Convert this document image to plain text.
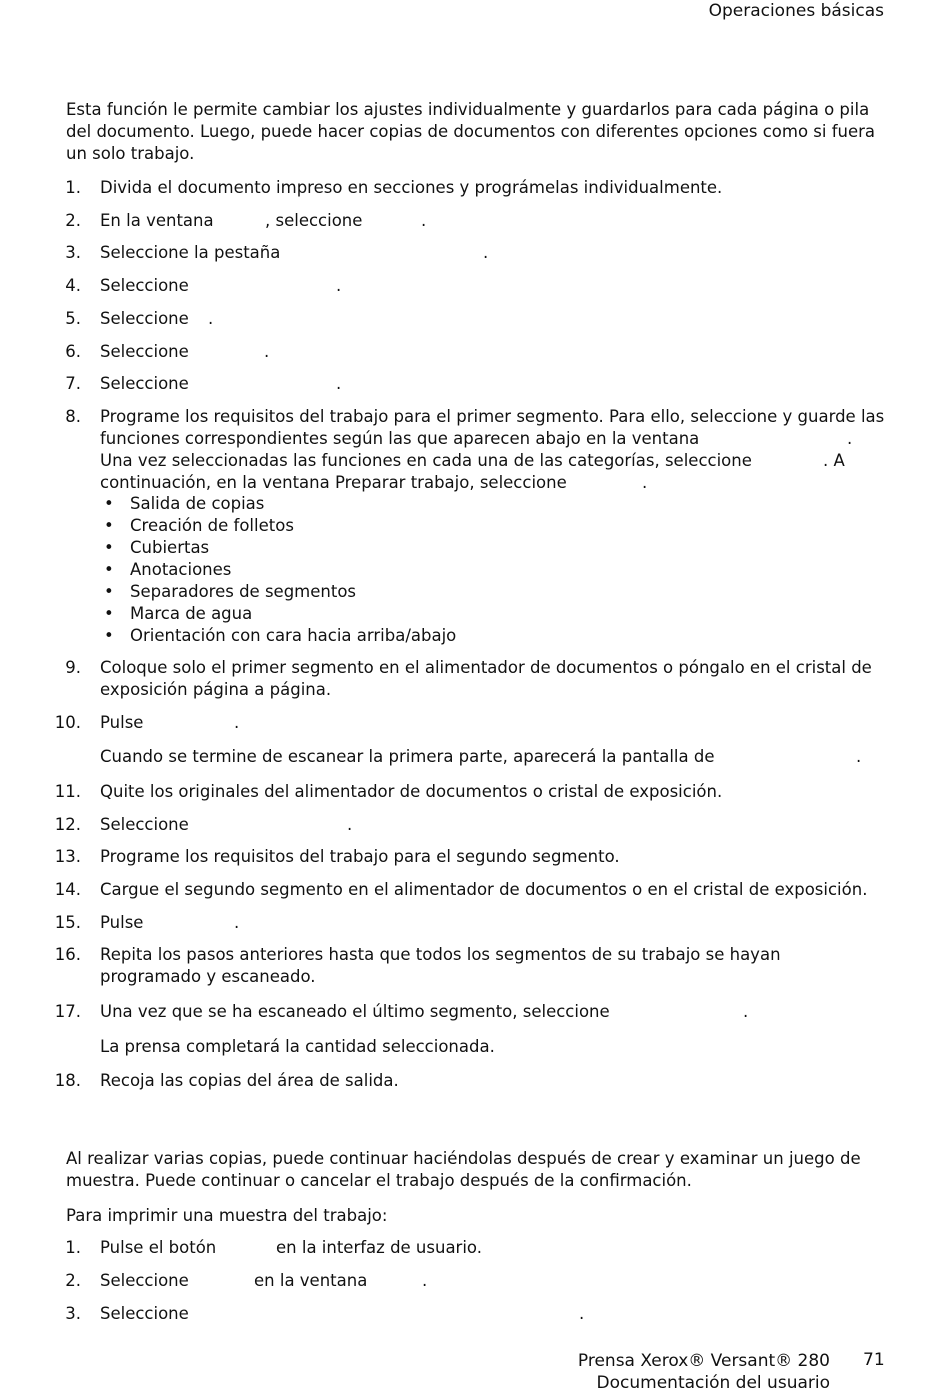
Operaciones básicas
Esta función le permite cambiar los ajustes individualmente y guardarlos para cada página o pila
del documento. Luego, puede hacer copias de documentos con diferentes opciones como si fuera
un solo trabajo.
1. Divida el documento impreso en secciones y prográmelas individualmente.
2. En la ventana	, seleccione	.
3. Seleccione la pestaña	.
4. Seleccione	.
5. Seleccione .
6. Seleccione	.
7. Seleccione	.
8. Programe los requisitos del trabajo para el primer segmento. Para ello, seleccione y guarde las
funciones correspondientes según las que aparecen abajo en la ventana	.
Una vez seleccionadas las funciones en cada una de las categorías, seleccione	. A
continuación, en la ventana Preparar trabajo, seleccione	.
• Salida de copias
• Creación de folletos
• Cubiertas
• Anotaciones
• Separadores de segmentos
• Marca de agua
• Orientación con cara hacia arriba/abajo
9. Coloque solo el primer segmento en el alimentador de documentos o póngalo en el cristal de
exposición página a página.
10. Pulse	.
Cuando se termine de escanear la primera parte, aparecerá la pantalla de	.
11. Quite los originales del alimentador de documentos o cristal de exposición.
12. Seleccione	.
13. Programe los requisitos del trabajo para el segundo segmento.
14. Cargue el segundo segmento en el alimentador de documentos o en el cristal de exposición.
15. Pulse	.
16. Repita los pasos anteriores hasta que todos los segmentos de su trabajo se hayan
programado y escaneado.
17. Una vez que se ha escaneado el último segmento, seleccione	.
La prensa completará la cantidad seleccionada.
18. Recoja las copias del área de salida.
Al realizar varias copias, puede continuar haciéndolas después de crear y examinar un juego de
muestra. Puede continuar o cancelar el trabajo después de la confirmación.
Para imprimir una muestra del trabajo:
1. Pulse el botón	en la interfaz de usuario.
2. Seleccione	en la ventana	.
3. Seleccione	.
Prensa Xerox® Versant® 280
Documentación del usuario
71
